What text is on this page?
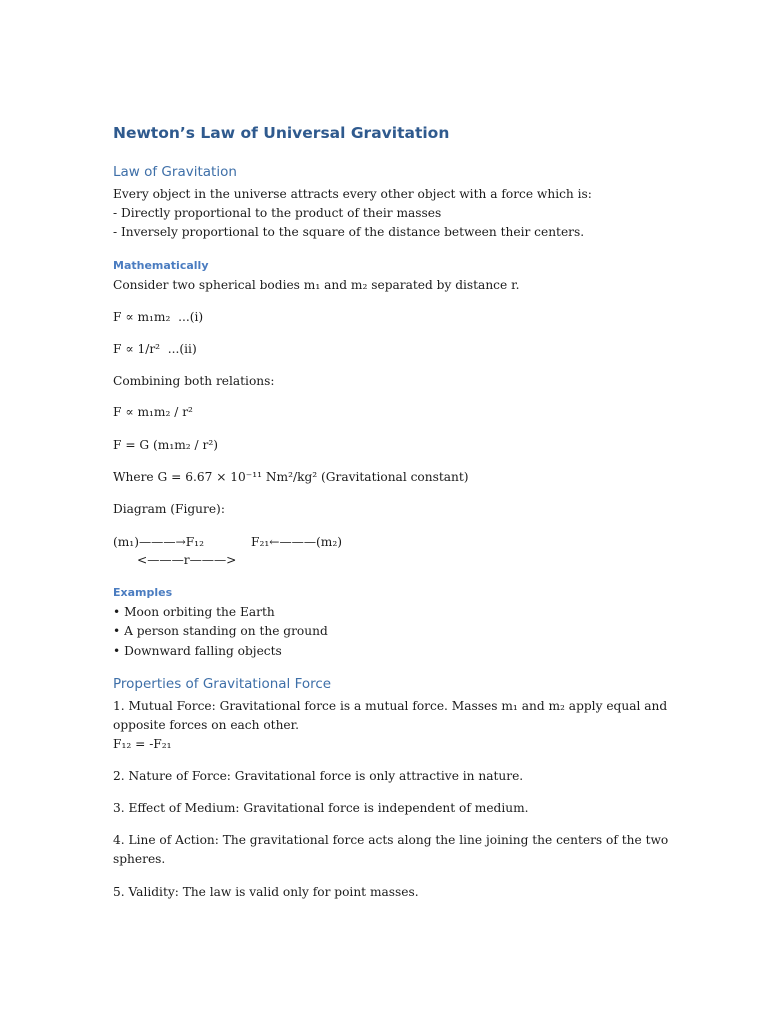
Newton’s Law of Universal Gravitation
Law of Gravitation

Every object in the universe attracts every other object with a force which is:

- Directly proportional to the product of their masses

- Inversely proportional to the square of the distance between their centers.

Mathematically

Consider two spherical bodies m₁ and m₂ separated by distance r.

F ∝ m₁m₂  ...(i)

F ∝ 1/r²  ...(ii)

Combining both relations:

F ∝ m₁m₂ / r²

F = G (m₁m₂ / r²)

Where G = 6.67 × 10⁻¹¹ Nm²/kg² (Gravitational constant)

Diagram (Figure):

(m₁)———→F₁₂	F₂₁←———(m₂)

<———r———>

Examples

• Moon orbiting the Earth

• A person standing on the ground

• Downward falling objects

Properties of Gravitational Force

1. Mutual Force: Gravitational force is a mutual force. Masses m₁ and m₂ apply equal and

opposite forces on each other.

F₁₂ = -F₂₁

2. Nature of Force: Gravitational force is only attractive in nature.

3. Effect of Medium: Gravitational force is independent of medium.

4. Line of Action: The gravitational force acts along the line joining the centers of the two

spheres.

5. Validity: The law is valid only for point masses.
